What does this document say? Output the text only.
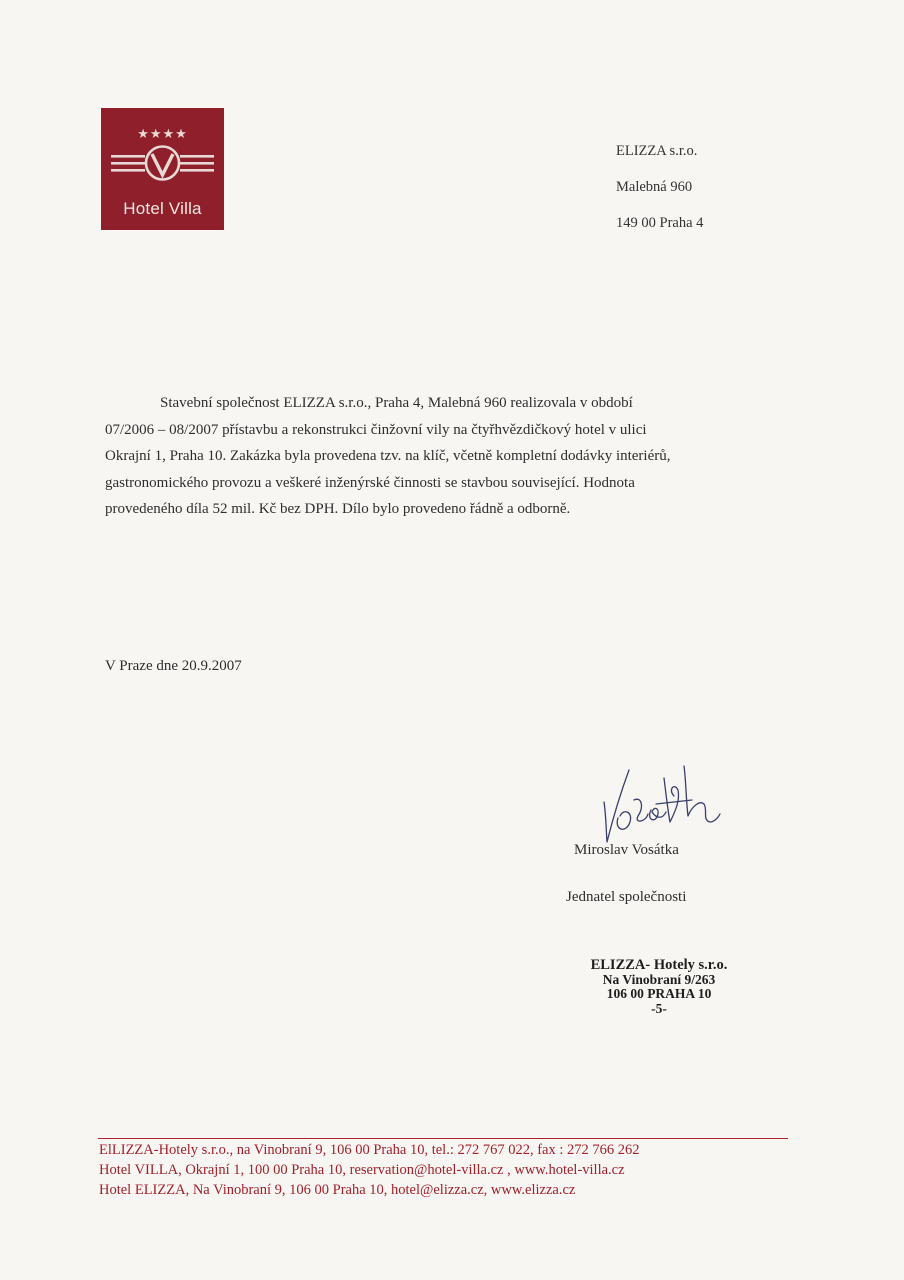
★★★★
Hotel Villa
ELIZZA s.r.o.
Malebná 960
149 00 Praha 4
Stavební společnost ELIZZA s.r.o., Praha 4, Malebná 960 realizovala v období
07/2006 – 08/2007 přístavbu a rekonstrukci činžovní vily na čtyřhvězdičkový hotel v ulici
Okrajní 1, Praha 10. Zakázka byla provedena tzv. na klíč, včetně kompletní dodávky interiérů,
gastronomického provozu a veškeré inženýrské činnosti se stavbou související. Hodnota
provedeného díla 52 mil. Kč bez DPH. Dílo bylo provedeno řádně a odborně.
V Praze dne 20.9.2007
Miroslav Vosátka
Jednatel společnosti
ELIZZA- Hotely s.r.o.
Na Vinobraní 9/263
106 00 PRAHA 10
-5-
ElLIZZA-Hotely s.r.o., na Vinobraní 9, 106 00 Praha 10, tel.: 272 767 022, fax : 272 766 262
Hotel VILLA, Okrajní 1, 100 00 Praha 10, reservation@hotel-villa.cz , www.hotel-villa.cz
Hotel ELIZZA, Na Vinobraní 9, 106 00 Praha 10, hotel@elizza.cz, www.elizza.cz
